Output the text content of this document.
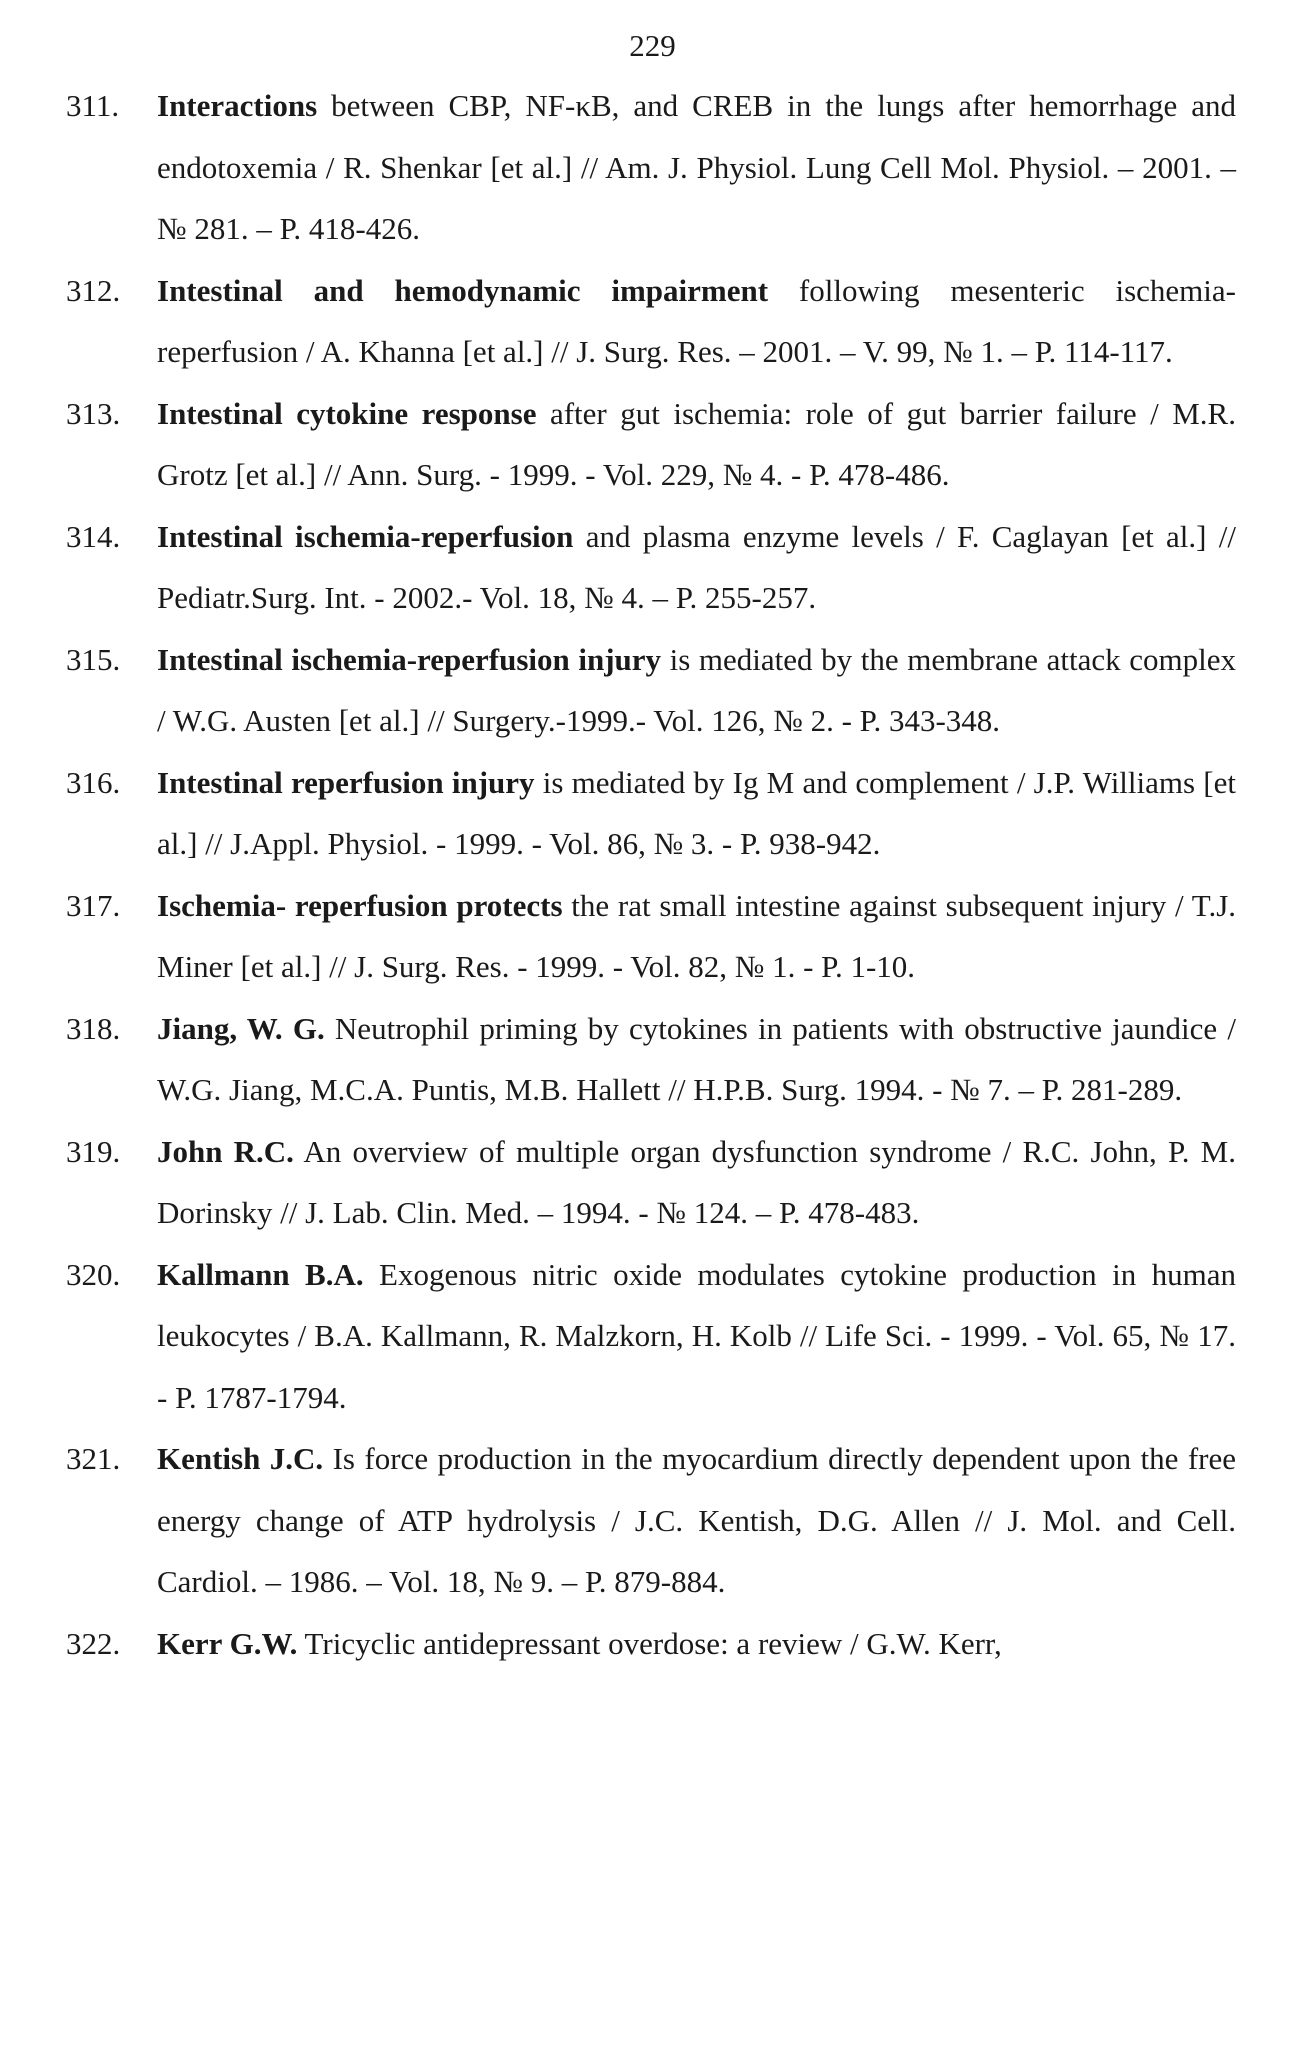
229
311.	Interactions between CBP, NF-κB, and CREB in the lungs after hemorrhage and endotoxemia / R. Shenkar [et al.] // Am. J. Physiol. Lung Cell Mol. Physiol. – 2001. – № 281. – P. 418-426.
312.	Intestinal and hemodynamic impairment following mesenteric ischemia-reperfusion / A. Khanna [et al.] // J. Surg. Res. – 2001. – V. 99, № 1. – P. 114-117.
313.	Intestinal cytokine response after gut ischemia: role of gut barrier failure / M.R. Grotz [et al.] // Ann. Surg. - 1999. - Vol. 229, № 4. - P. 478-486.
314.	Intestinal ischemia-reperfusion and plasma enzyme levels / F. Caglayan [et al.] // Pediatr.Surg. Int. - 2002.- Vol. 18, № 4. – P. 255-257.
315.	Intestinal ischemia-reperfusion injury is mediated by the membrane attack complex / W.G. Austen [et al.] // Surgery.-1999.- Vol. 126, № 2. - P. 343-348.
316.	Intestinal reperfusion injury is mediated by Ig M and complement / J.P. Williams [et al.] // J.Appl. Physiol. - 1999. - Vol. 86, № 3. - P. 938-942.
317.	Ischemia- reperfusion protects the rat small intestine against subsequent injury / T.J. Miner [et al.] // J. Surg. Res. - 1999. - Vol. 82, № 1. - P. 1-10.
318.	Jiang, W. G. Neutrophil priming by cytokines in patients with obstructive jaundice / W.G. Jiang, M.C.A. Puntis, M.B. Hallett // H.P.B. Surg. 1994. - № 7. – P. 281-289.
319.	John R.C. An overview of multiple organ dysfunction syndrome / R.C. John, P. M. Dorinsky // J. Lab. Clin. Med. – 1994. - № 124. – P. 478-483.
320.	Kallmann B.A. Exogenous nitric oxide modulates cytokine production in human leukocytes / B.A. Kallmann, R. Malzkorn, H. Kolb // Life Sci. - 1999. - Vol. 65, № 17. - P. 1787-1794.
321.	Kentish J.C. Is force production in the myocardium directly dependent upon the free energy change of ATP hydrolysis / J.C. Kentish, D.G. Allen // J. Mol. and Cell. Cardiol. – 1986. – Vol. 18, № 9. – P. 879-884.
322.	Kerr G.W. Tricyclic antidepressant overdose: a review / G.W. Kerr,
